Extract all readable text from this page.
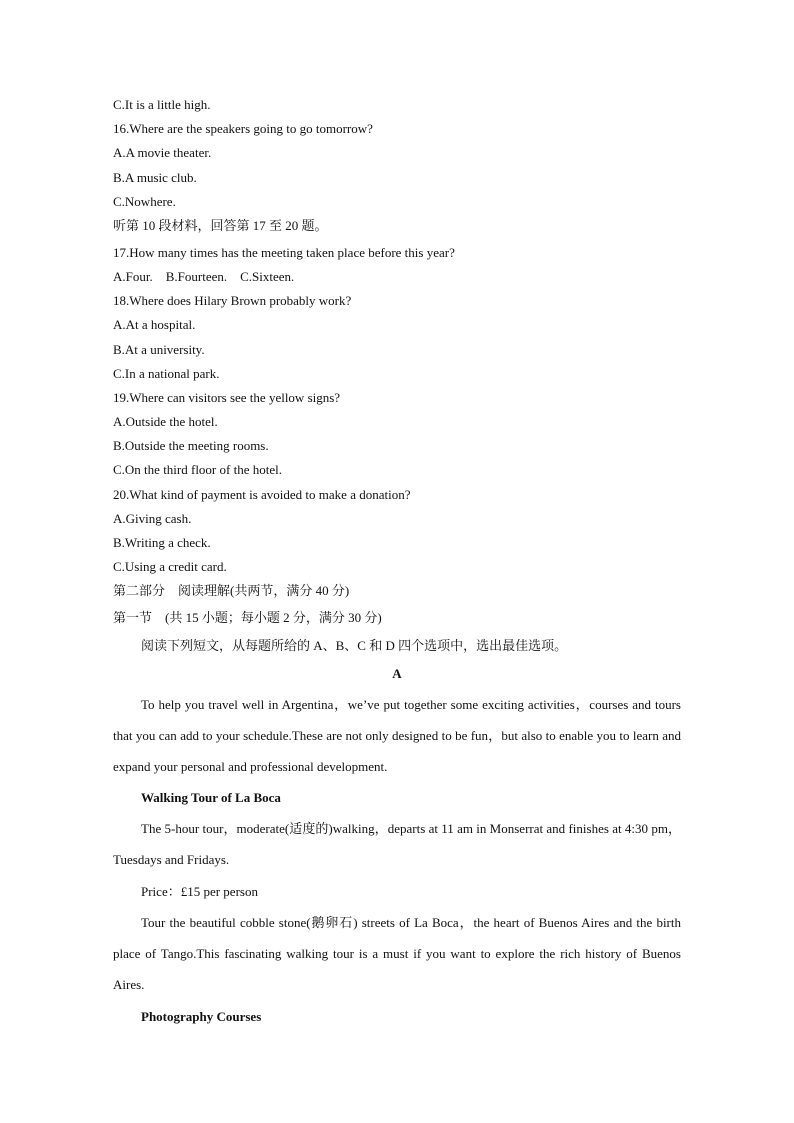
C.It is a little high.
16.Where are the speakers going to go tomorrow?
A.A movie theater.
B.A music club.
C.Nowhere.
听第 10 段材料，回答第 17 至 20 题。
17.How many times has the meeting taken place before this year?
A.Four.    B.Fourteen.    C.Sixteen.
18.Where does Hilary Brown probably work?
A.At a hospital.
B.At a university.
C.In a national park.
19.Where can visitors see the yellow signs?
A.Outside the hotel.
B.Outside the meeting rooms.
C.On the third floor of the hotel.
20.What kind of payment is avoided to make a donation?
A.Giving cash.
B.Writing a check.
C.Using a credit card.
第二部分　阅读理解(共两节，满分 40 分)
第一节　(共 15 小题；每小题 2 分，满分 30 分)
阅读下列短文，从每题所给的 A、B、C 和 D 四个选项中，选出最佳选项。
A
To help you travel well in Argentina，we’ve put together some exciting activities，courses and tours that you can add to your schedule.These are not only designed to be fun，but also to enable you to learn and expand your personal and professional development.
Walking Tour of La Boca
The 5-hour tour，moderate(适度的)walking，departs at 11 am in Monserrat and finishes at 4:30 pm，Tuesdays and Fridays.
Price：£15 per person
Tour the beautiful cobble stone(鹅卵石) streets of La Boca，the heart of Buenos Aires and the birth place of Tango.This fascinating walking tour is a must if you want to explore the rich history of Buenos Aires.
Photography Courses
